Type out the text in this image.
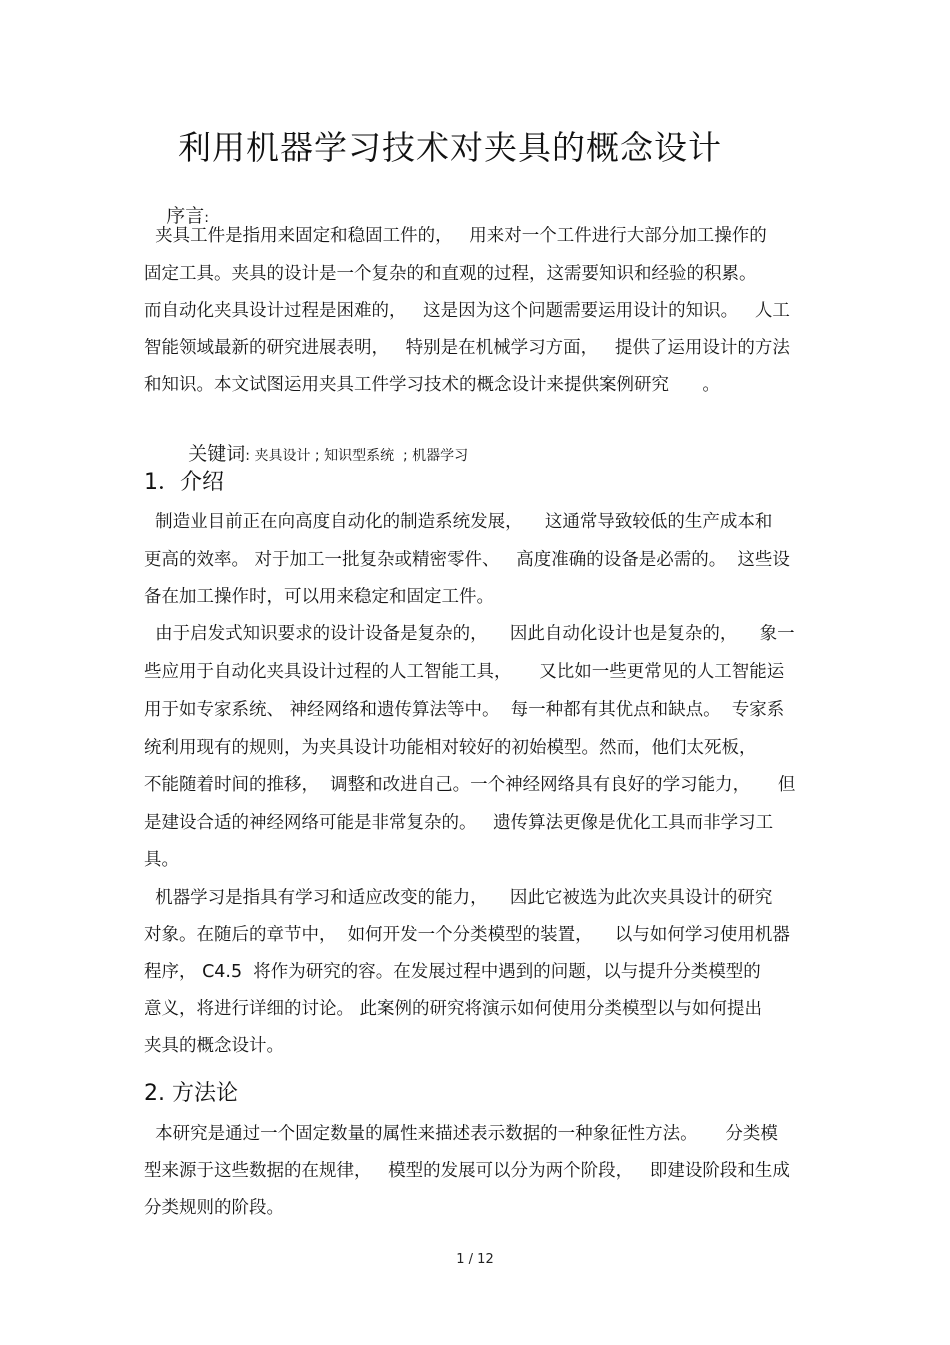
利用机器学习技术对夹具的概念设计

序言:

夹具工件是指用来固定和稳固工件的，   用来对一个工件进行大部分加工操作的
固定工具。夹具的设计是一个复杂的和直观的过程，这需要知识和经验的积累。
而自动化夹具设计过程是困难的，   这是因为这个问题需要运用设计的知识。   人工
智能领域最新的研究进展表明，   特别是在机械学习方面，   提供了运用设计的方法
和知识。本文试图运用夹具工件学习技术的概念设计来提供案例研究      。

关键词: 夹具设计 ; 知识型系统  ; 机器学习

1．介绍
制造业目前正在向高度自动化的制造系统发展，    这通常导致较低的生产成本和
更高的效率。 对于加工一批复杂或精密零件、   高度准确的设备是必需的。  这些设
备在加工操作时，可以用来稳定和固定工件。
由于启发式知识要求的设计设备是复杂的，    因此自动化设计也是复杂的，    象一
些应用于自动化夹具设计过程的人工智能工具，     又比如一些更常见的人工智能运
用于如专家系统、 神经网络和遗传算法等中。  每一种都有其优点和缺点。  专家系
统利用现有的规则，为夹具设计功能相对较好的初始模型。然而，他们太死板，
不能随着时间的推移，  调整和改进自己。一个神经网络具有良好的学习能力，     但
是建设合适的神经网络可能是非常复杂的。   遗传算法更像是优化工具而非学习工
具。
机器学习是指具有学习和适应改变的能力，    因此它被选为此次夹具设计的研究
对象。在随后的章节中，  如何开发一个分类模型的装置，    以与如何学习使用机器
程序， C4.5  将作为研究的容。在发展过程中遇到的问题，以与提升分类模型的
意义，将进行详细的讨论。 此案例的研究将演示如何使用分类模型以与如何提出
夹具的概念设计。
2. 方法论
本研究是通过一个固定数量的属性来描述表示数据的一种象征性方法。     分类模
型来源于这些数据的在规律，   模型的发展可以分为两个阶段，   即建设阶段和生成
分类规则的阶段。
1 / 12
